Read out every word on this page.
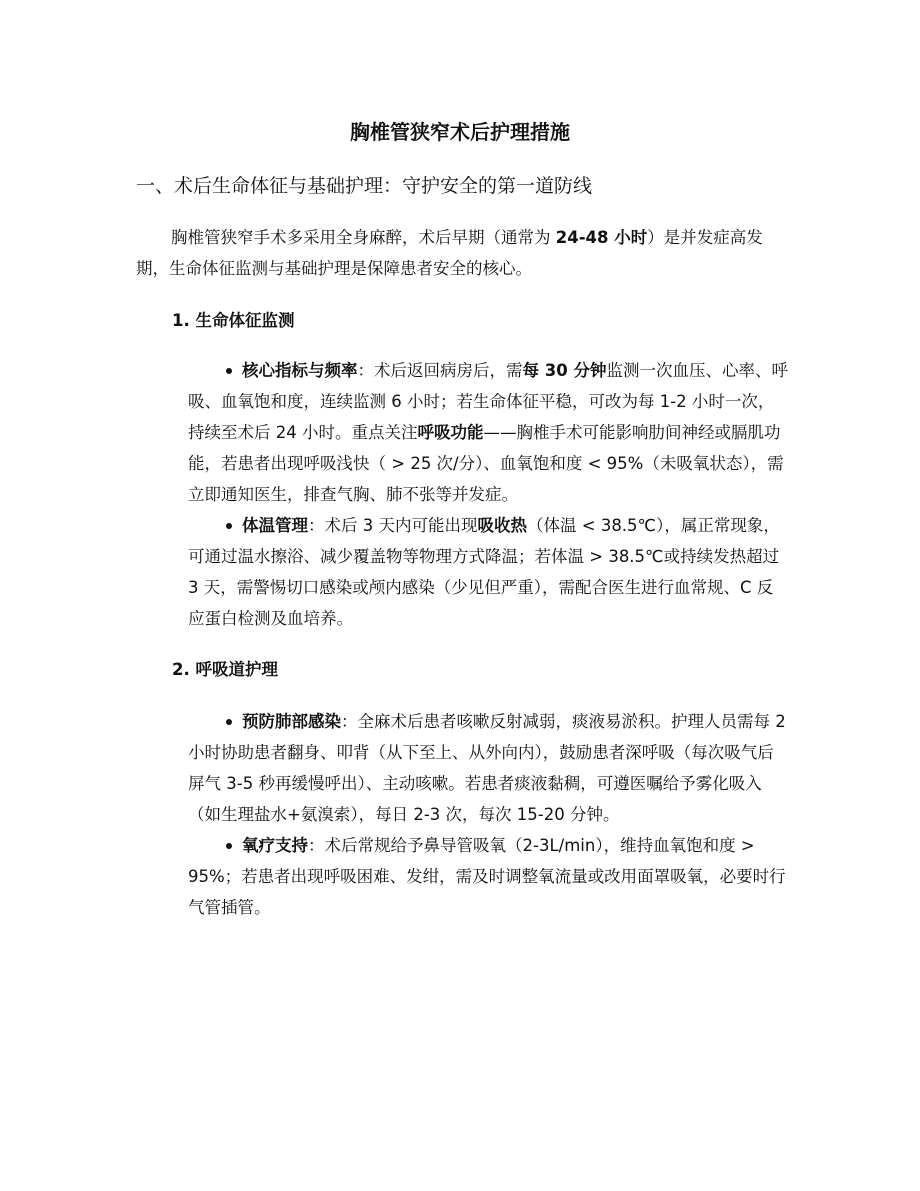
胸椎管狭窄术后护理措施
一、术后生命体征与基础护理：守护安全的第一道防线

胸椎管狭窄手术多采用全身麻醉，术后早期（通常为 24-48 小时）是并发症高发期，生命体征监测与基础护理是保障患者安全的核心。

1. 生命体征监测
核心指标与频率：术后返回病房后，需每 30 分钟监测一次血压、心率、呼吸、血氧饱和度，连续监测 6 小时；若生命体征平稳，可改为每 1-2 小时一次，持续至术后 24 小时。重点关注呼吸功能——胸椎手术可能影响肋间神经或膈肌功能，若患者出现呼吸浅快（ > 25 次/分）、血氧饱和度 < 95%（未吸氧状态），需立即通知医生，排查气胸、肺不张等并发症。
体温管理：术后 3 天内可能出现吸收热（体温 < 38.5℃），属正常现象，可通过温水擦浴、减少覆盖物等物理方式降温；若体温 > 38.5℃或持续发热超过 3 天，需警惕切口感染或颅内感染（少见但严重），需配合医生进行血常规、C 反应蛋白检测及血培养。
2. 呼吸道护理
预防肺部感染：全麻术后患者咳嗽反射减弱，痰液易淤积。护理人员需每 2 小时协助患者翻身、叩背（从下至上、从外向内），鼓励患者深呼吸（每次吸气后屏气 3-5 秒再缓慢呼出）、主动咳嗽。若患者痰液黏稠，可遵医嘱给予雾化吸入（如生理盐水+氨溴索），每日 2-3 次，每次 15-20 分钟。
氧疗支持：术后常规给予鼻导管吸氧（2-3L/min），维持血氧饱和度 > 95%；若患者出现呼吸困难、发绀，需及时调整氧流量或改用面罩吸氧，必要时行气管插管。
